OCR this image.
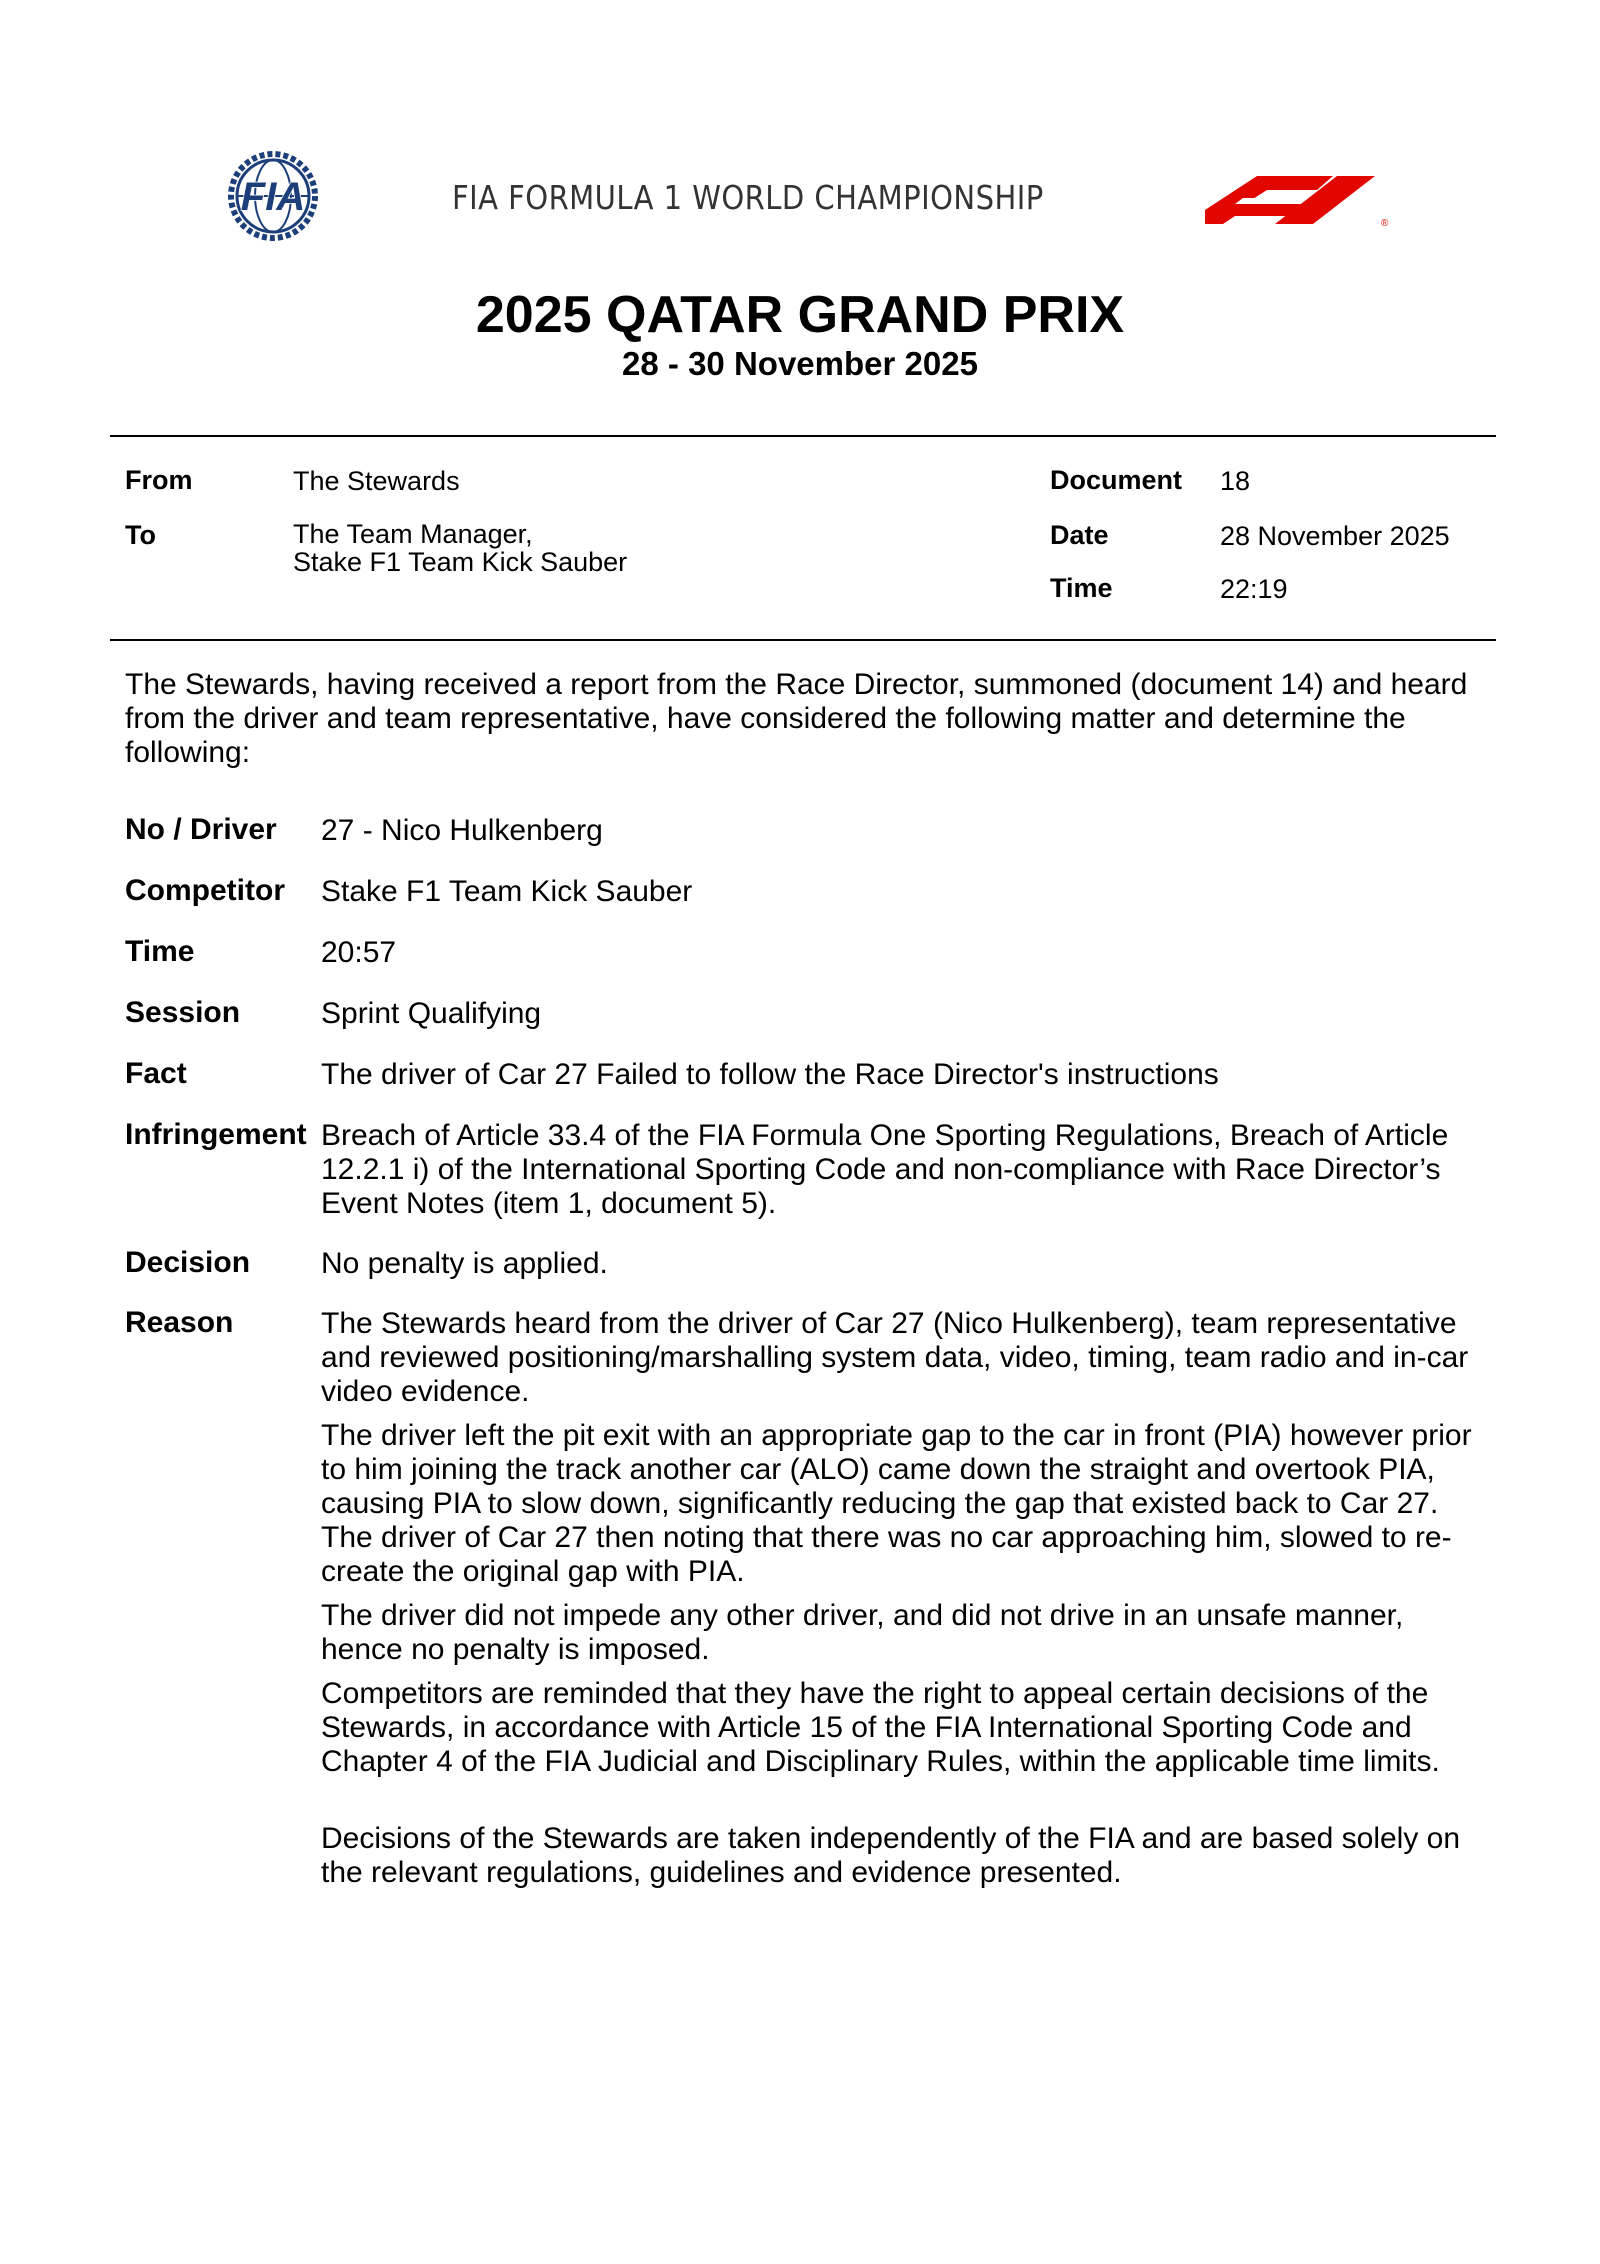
FIA	FIA FORMULA 1 WORLD CHAMPIONSHIP
®
2025 QATAR GRAND PRIX
28 - 30 November 2025
From	The Stewards
To	The Team Manager,
Stake F1 Team Kick Sauber
Document 18
Date	28 November 2025
Time	22:19
The Stewards, having received a report from the Race Director, summoned (document 14) and heard from the driver and team representative, have considered the following matter and determine the following:
No / Driver 27 - Nico Hulkenberg
Competitor Stake F1 Team Kick Sauber
Time	20:57
Session	Sprint Qualifying
Fact	The driver of Car 27 Failed to follow the Race Director's instructions
Infringement Breach of Article 33.4 of the FIA Formula One Sporting Regulations, Breach of Article 12.2.1 i) of the International Sporting Code and non-compliance with Race Director’s Event Notes (item 1, document 5).
Decision No penalty is applied.
Reason	The Stewards heard from the driver of Car 27 (Nico Hulkenberg), team representative and reviewed positioning/marshalling system data, video, timing, team radio and in-car video evidence.

The driver left the pit exit with an appropriate gap to the car in front (PIA) however prior to him joining the track another car (ALO) came down the straight and overtook PIA, causing PIA to slow down, significantly reducing the gap that existed back to Car 27. The driver of Car 27 then noting that there was no car approaching him, slowed to re-create the original gap with PIA.

The driver did not impede any other driver, and did not drive in an unsafe manner, hence no penalty is imposed.

Competitors are reminded that they have the right to appeal certain decisions of the Stewards, in accordance with Article 15 of the FIA International Sporting Code and Chapter 4 of the FIA Judicial and Disciplinary Rules, within the applicable time limits.

Decisions of the Stewards are taken independently of the FIA and are based solely on the relevant regulations, guidelines and evidence presented.
